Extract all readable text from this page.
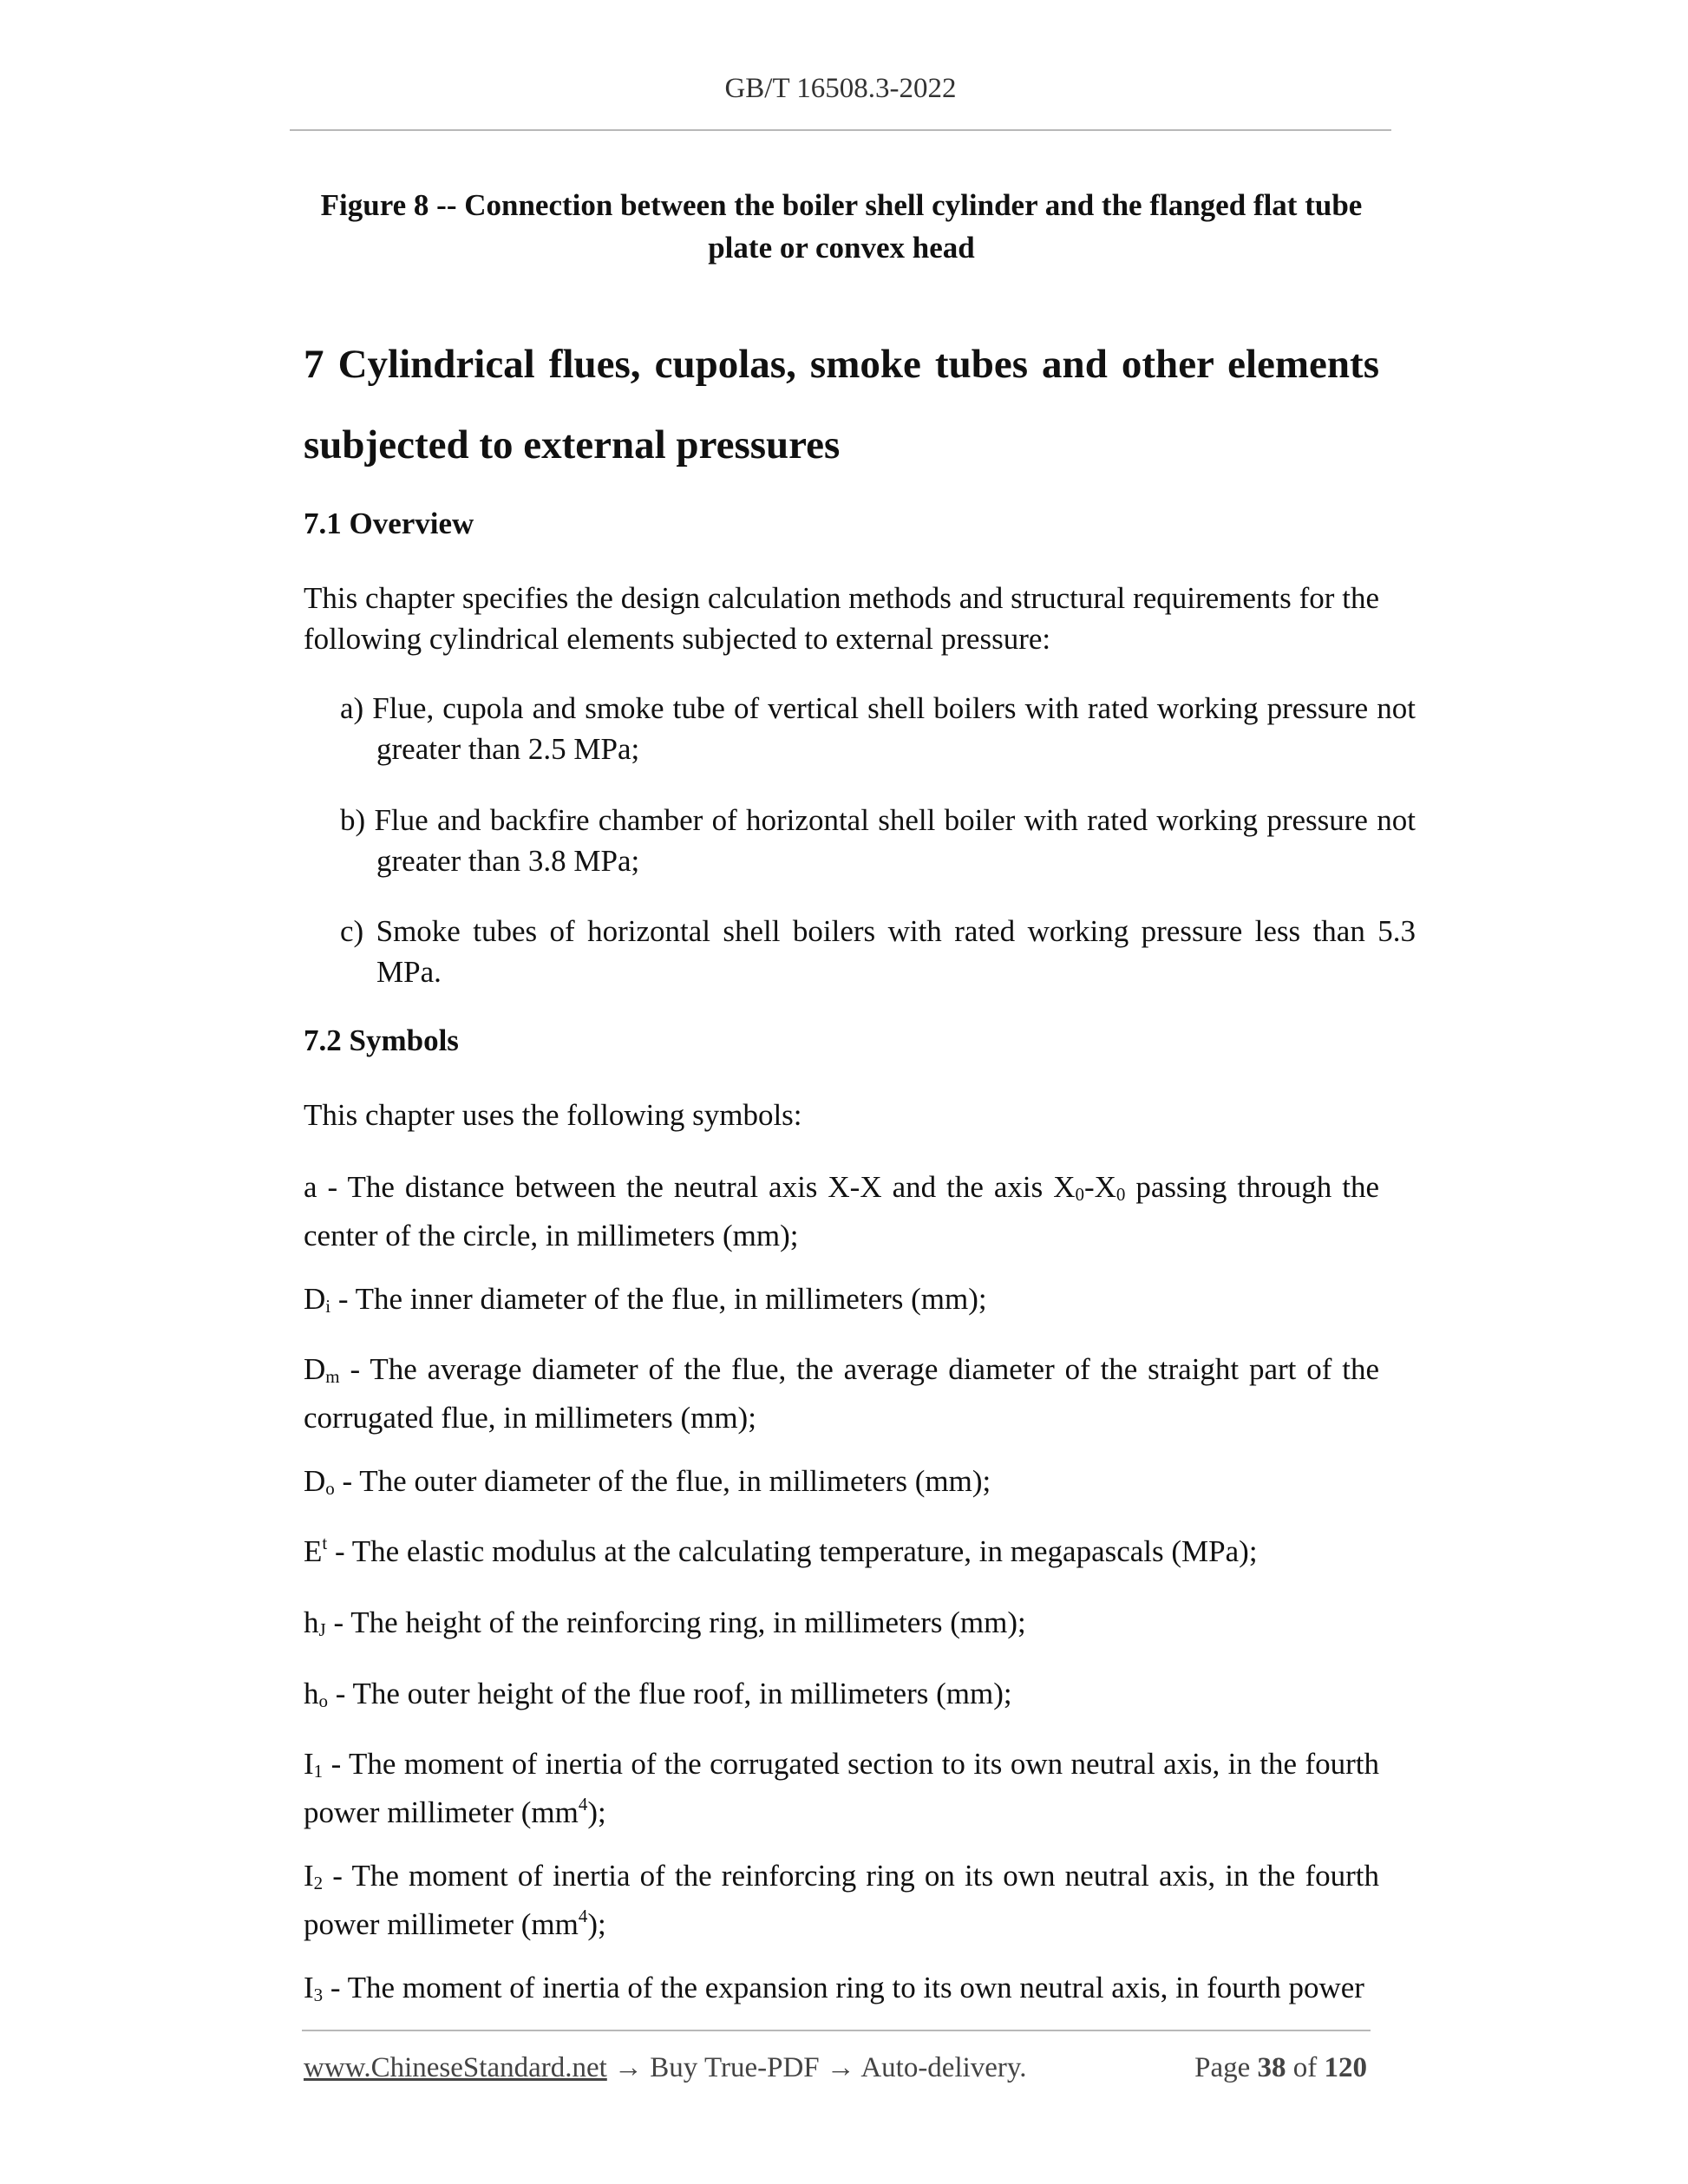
GB/T 16508.3-2022
Figure 8 -- Connection between the boiler shell cylinder and the flanged flat tube plate or convex head
7 Cylindrical flues, cupolas, smoke tubes and other elements subjected to external pressures
7.1 Overview

This chapter specifies the design calculation methods and structural requirements for the following cylindrical elements subjected to external pressure:

a) Flue, cupola and smoke tube of vertical shell boilers with rated working pressure not greater than 2.5 MPa;

b) Flue and backfire chamber of horizontal shell boiler with rated working pressure not greater than 3.8 MPa;

c) Smoke tubes of horizontal shell boilers with rated working pressure less than 5.3 MPa.

7.2 Symbols

This chapter uses the following symbols:

a - The distance between the neutral axis X-X and the axis $X_0-X_0$ passing through the center of the circle, in millimeters (mm);

$D_i$ - The inner diameter of the flue, in millimeters (mm);

$D_m$ - The average diameter of the flue, the average diameter of the straight part of the corrugated flue, in millimeters (mm);

$D_o$ - The outer diameter of the flue, in millimeters (mm);

$E^t$ - The elastic modulus at the calculating temperature, in megapascals (MPa);

$h_J$ - The height of the reinforcing ring, in millimeters (mm);

$h_o$ - The outer height of the flue roof, in millimeters (mm);

$I_1$ - The moment of inertia of the corrugated section to its own neutral axis, in the fourth power millimeter $(mm^4)$;

$I_2$ - The moment of inertia of the reinforcing ring on its own neutral axis, in the fourth power millimeter $(mm^4)$;

$I_3$ - The moment of inertia of the expansion ring to its own neutral axis, in fourth power

www.ChineseStandard.net → Buy True-PDF → Auto-delivery.	Page 38 of 120
